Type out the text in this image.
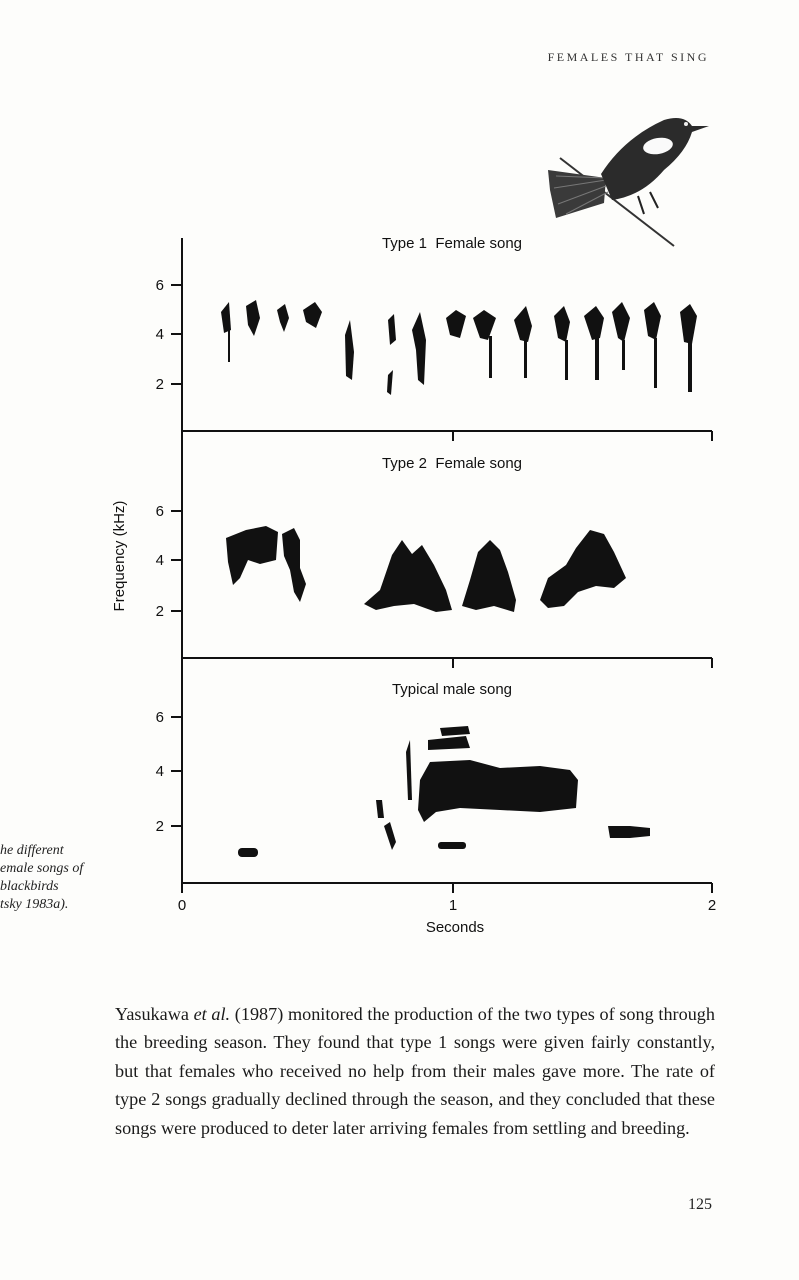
FEMALES THAT SING
Type 1  Female song
Type 2  Female song
Typical male song
6
4
2
6
4
2
6
4
2
0	1	2
Seconds
Frequency (kHz)
he different
emale songs of
blackbirds
tsky 1983a).
Yasukawa et al. (1987) monitored the production of the two types of song through the breeding season. They found that type 1 songs were given fairly constantly, but that females who received no help from their males gave more. The rate of type 2 songs gradually declined through the season, and they concluded that these songs were produced to deter later arriving females from settling and breeding.
125
